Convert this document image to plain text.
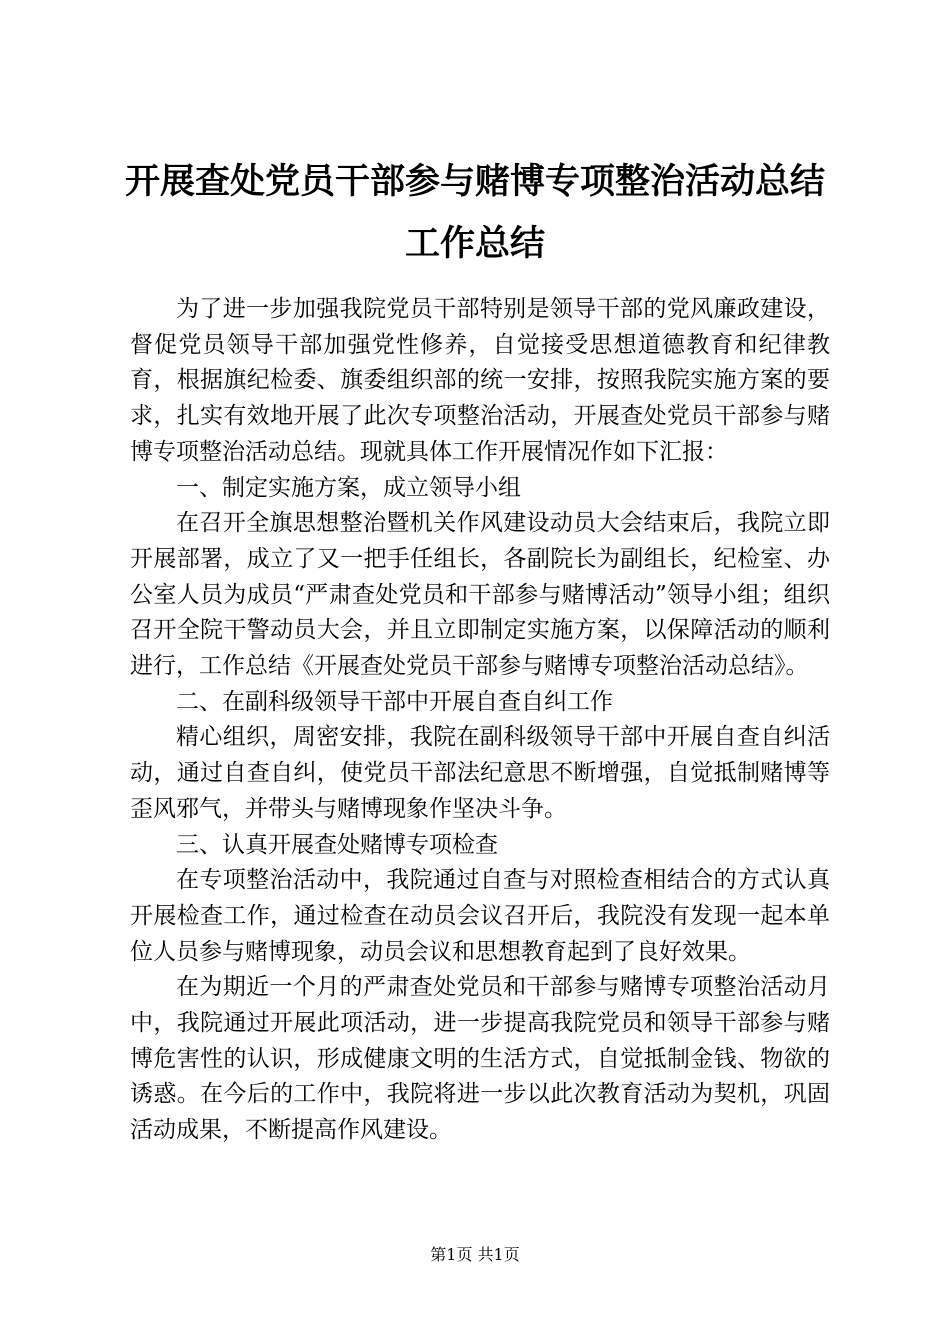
开展查处党员干部参与赌博专项整治活动总结
工作总结

为了进一步加强我院党员干部特别是领导干部的党风廉政建设，督促党员领导干部加强党性修养，自觉接受思想道德教育和纪律教育，根据旗纪检委、旗委组织部的统一安排，按照我院实施方案的要求，扎实有效地开展了此次专项整治活动，开展查处党员干部参与赌博专项整治活动总结。现就具体工作开展情况作如下汇报：

一、制定实施方案，成立领导小组

在召开全旗思想整治暨机关作风建设动员大会结束后，我院立即开展部署，成立了又一把手任组长，各副院长为副组长，纪检室、办公室人员为成员“严肃查处党员和干部参与赌博活动”领导小组；组织召开全院干警动员大会，并且立即制定实施方案，以保障活动的顺利进行，工作总结《开展查处党员干部参与赌博专项整治活动总结》。

二、在副科级领导干部中开展自查自纠工作

精心组织，周密安排，我院在副科级领导干部中开展自查自纠活动，通过自查自纠，使党员干部法纪意思不断增强，自觉抵制赌博等歪风邪气，并带头与赌博现象作坚决斗争。

三、认真开展查处赌博专项检查

在专项整治活动中，我院通过自查与对照检查相结合的方式认真开展检查工作，通过检查在动员会议召开后，我院没有发现一起本单位人员参与赌博现象，动员会议和思想教育起到了良好效果。

在为期近一个月的严肃查处党员和干部参与赌博专项整治活动月中，我院通过开展此项活动，进一步提高我院党员和领导干部参与赌博危害性的认识，形成健康文明的生活方式，自觉抵制金钱、物欲的诱惑。在今后的工作中，我院将进一步以此次教育活动为契机，巩固活动成果，不断提高作风建设。

第1页 共1页
